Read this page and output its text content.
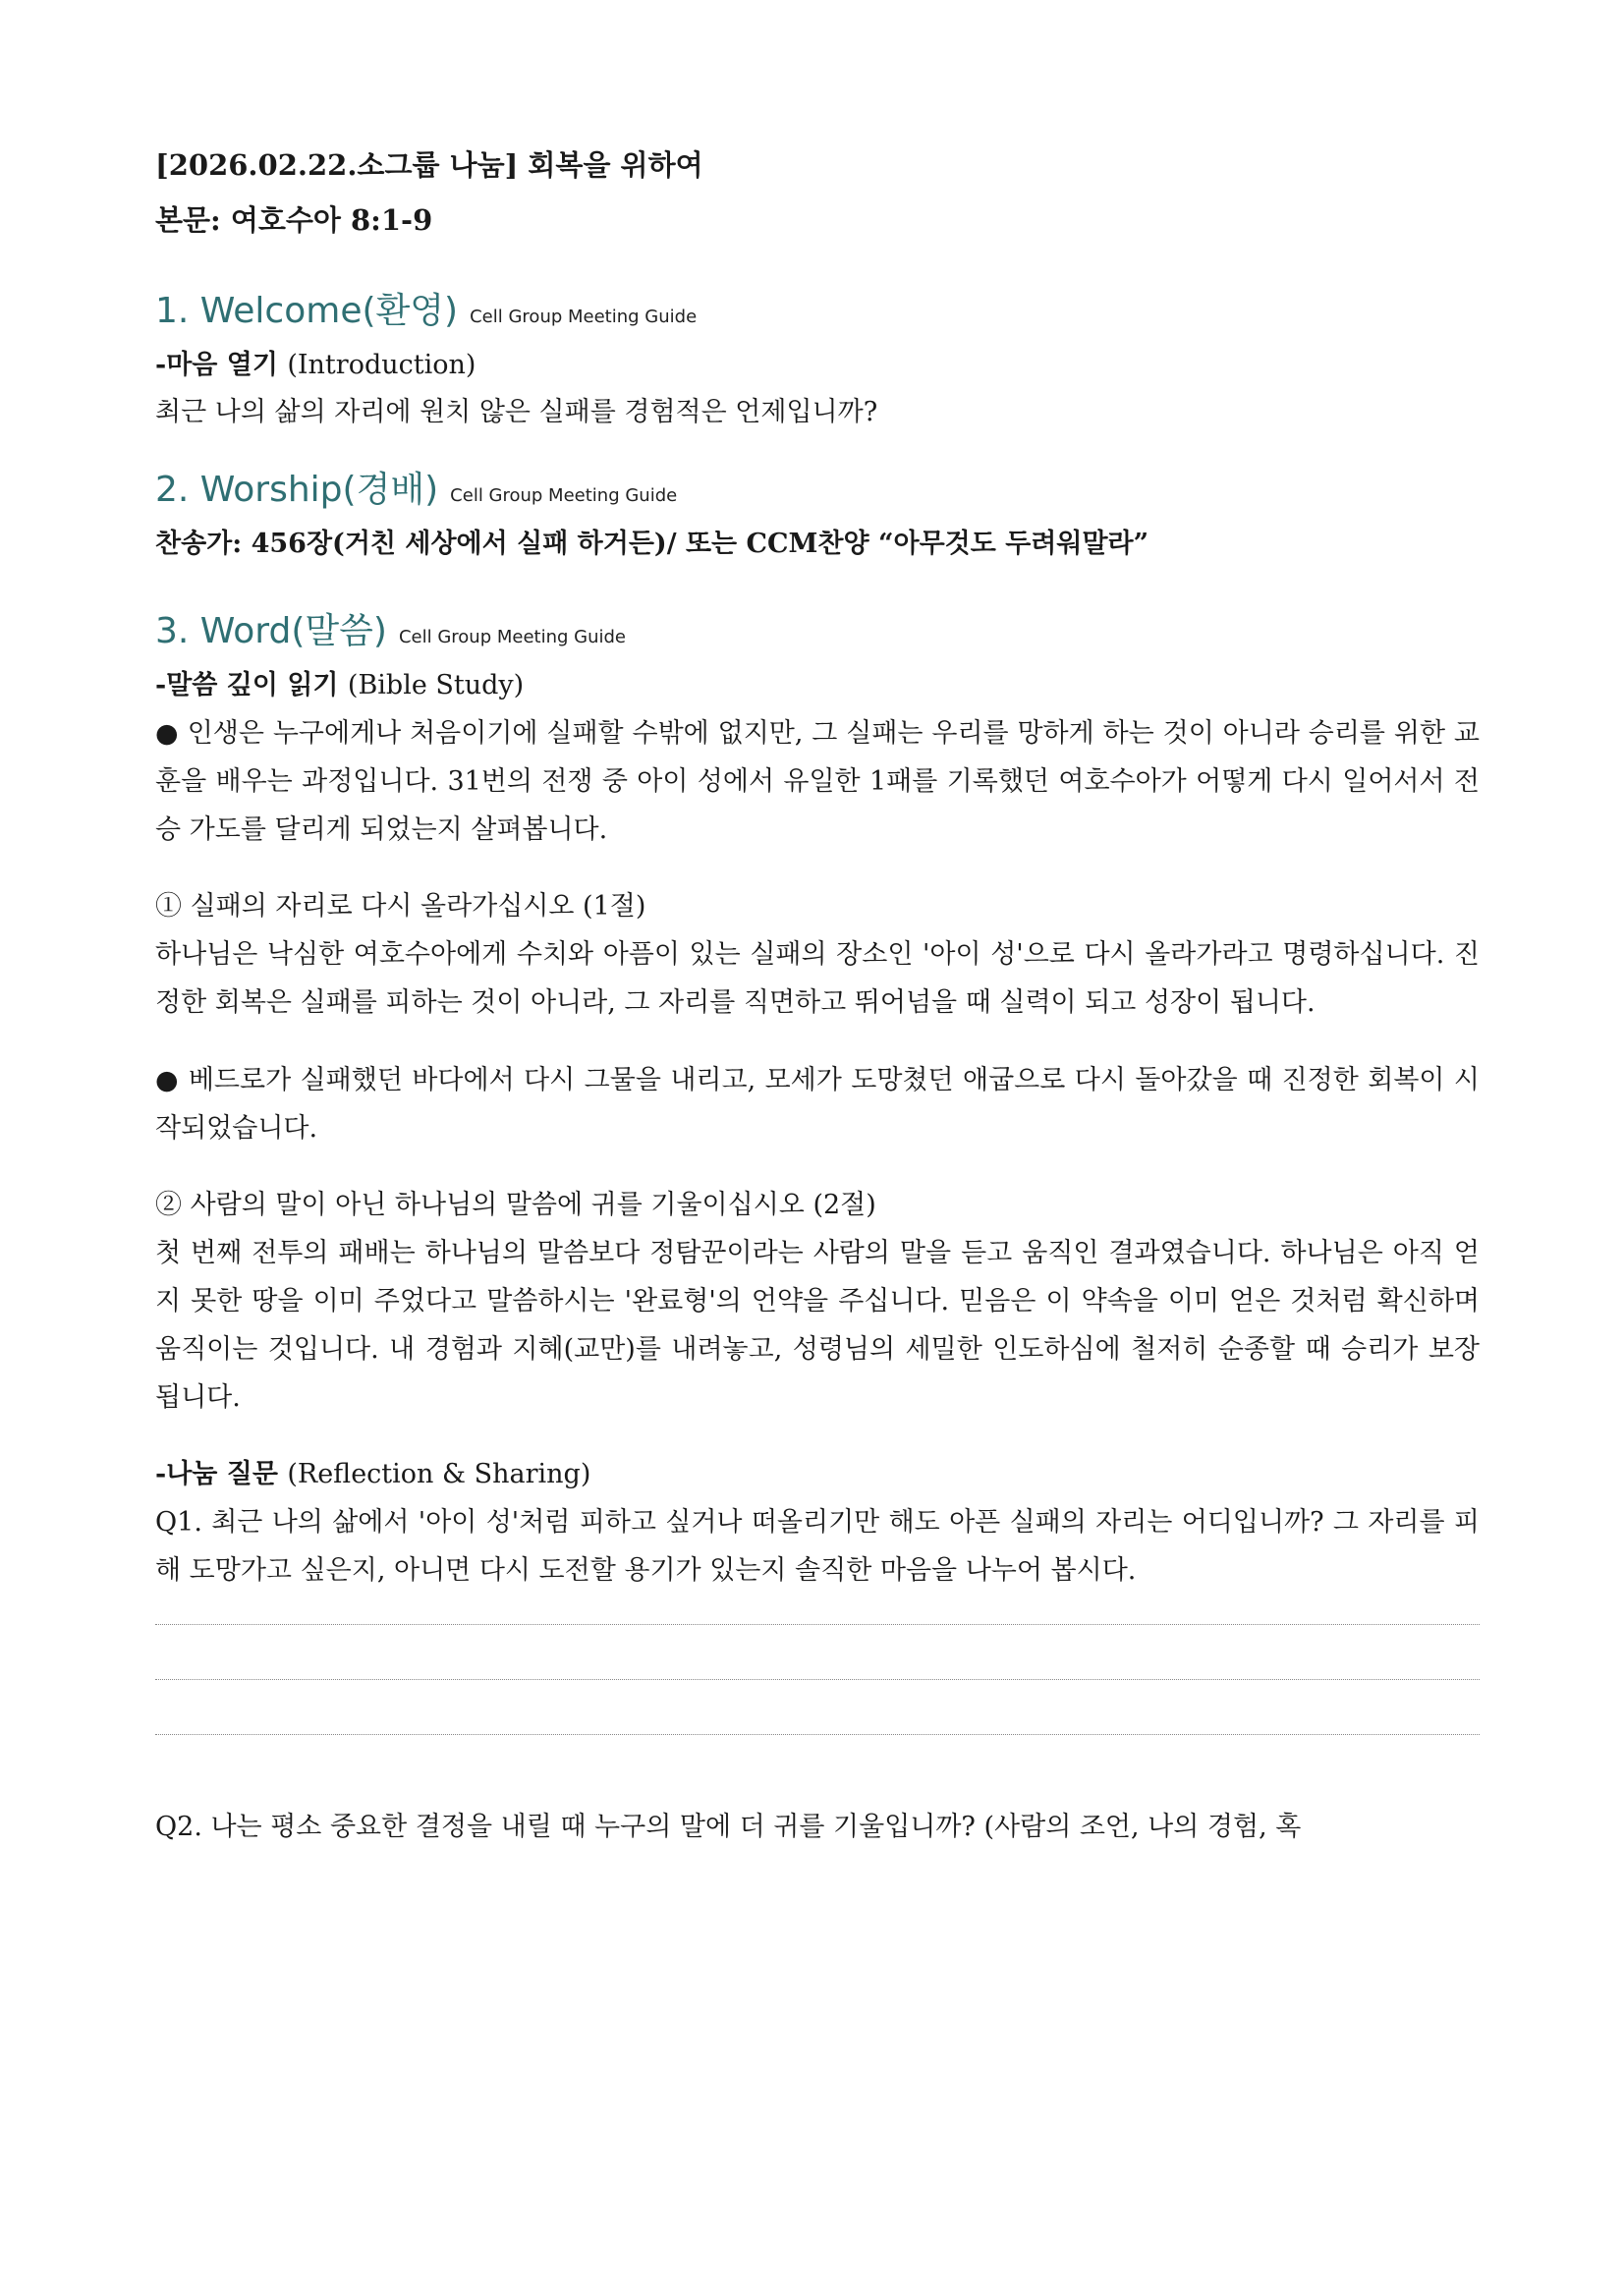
[2026.02.22.소그룹 나눔] 회복을 위하여
본문: 여호수아 8:1-9
1. Welcome(환영) Cell Group Meeting Guide
-마음 열기 (Introduction)
최근 나의 삶의 자리에 원치 않은 실패를 경험적은 언제입니까?
2. Worship(경배) Cell Group Meeting Guide
찬송가: 456장(거친 세상에서 실패 하거든)/ 또는 CCM찬양 “아무것도 두려워말라”
3. Word(말씀) Cell Group Meeting Guide
-말씀 깊이 읽기 (Bible Study)
● 인생은 누구에게나 처음이기에 실패할 수밖에 없지만, 그 실패는 우리를 망하게 하는 것이 아니라 승리를 위한 교훈을 배우는 과정입니다. 31번의 전쟁 중 아이 성에서 유일한 1패를 기록했던 여호수아가 어떻게 다시 일어서서 전승 가도를 달리게 되었는지 살펴봅니다.
① 실패의 자리로 다시 올라가십시오 (1절)
하나님은 낙심한 여호수아에게 수치와 아픔이 있는 실패의 장소인 '아이 성'으로 다시 올라가라고 명령하십니다. 진정한 회복은 실패를 피하는 것이 아니라, 그 자리를 직면하고 뛰어넘을 때 실력이 되고 성장이 됩니다.
● 베드로가 실패했던 바다에서 다시 그물을 내리고, 모세가 도망쳤던 애굽으로 다시 돌아갔을 때 진정한 회복이 시작되었습니다.
② 사람의 말이 아닌 하나님의 말씀에 귀를 기울이십시오 (2절)
첫 번째 전투의 패배는 하나님의 말씀보다 정탐꾼이라는 사람의 말을 듣고 움직인 결과였습니다. 하나님은 아직 얻지 못한 땅을 이미 주었다고 말씀하시는 '완료형'의 언약을 주십니다. 믿음은 이 약속을 이미 얻은 것처럼 확신하며 움직이는 것입니다. 내 경험과 지혜(교만)를 내려놓고, 성령님의 세밀한 인도하심에 철저히 순종할 때 승리가 보장됩니다.
-나눔 질문 (Reflection & Sharing)
Q1. 최근 나의 삶에서 '아이 성'처럼 피하고 싶거나 떠올리기만 해도 아픈 실패의 자리는 어디입니까? 그 자리를 피해 도망가고 싶은지, 아니면 다시 도전할 용기가 있는지 솔직한 마음을 나누어 봅시다.
Q2. 나는 평소 중요한 결정을 내릴 때 누구의 말에 더 귀를 기울입니까? (사람의 조언, 나의 경험, 혹
